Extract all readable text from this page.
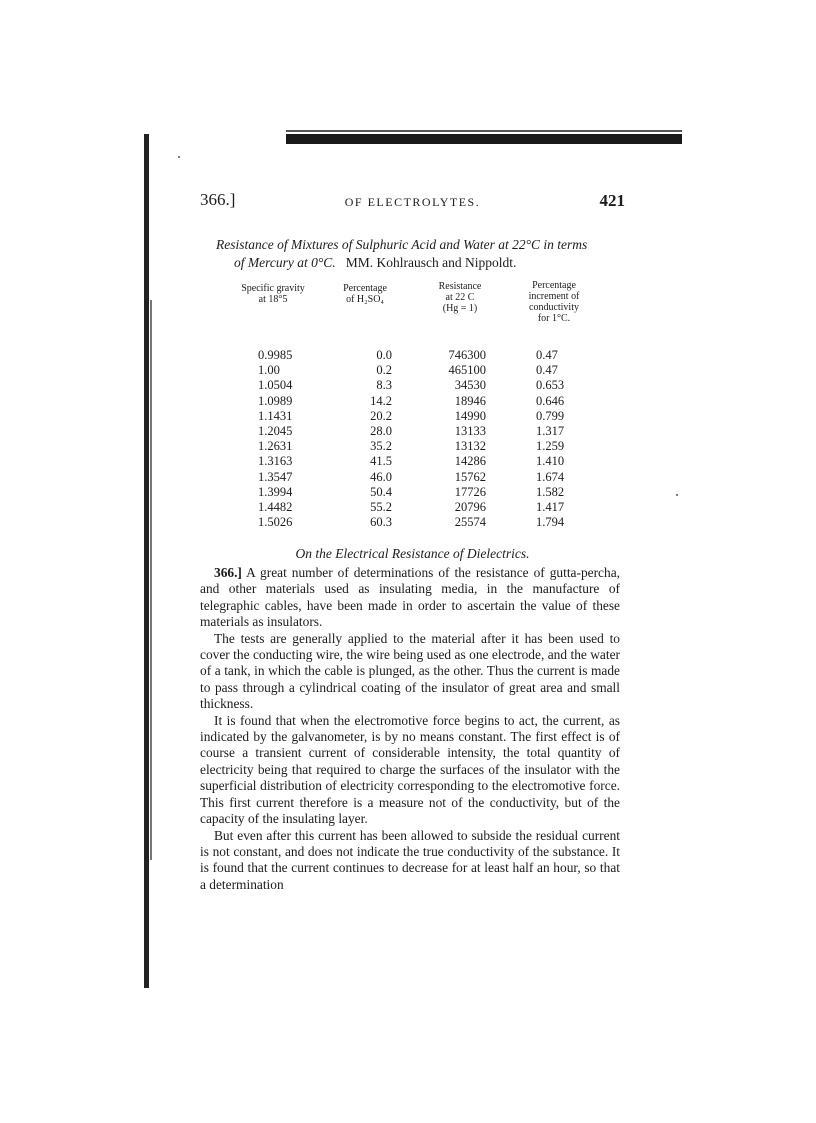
366.]	OF ELECTROLYTES.	421
Resistance of Mixtures of Sulphuric Acid and Water at 22°C in terms
of Mercury at 0°C. MM. Kohlrausch and Nippoldt.
Specific gravity
at 18°5
Percentage
of H₂SO₄
Resistance
at 22 C
(Hg = 1)
Percentage
increment of
conductivity
for 1°C.
0.9985
1.00
1.0504
1.0989
1.1431
1.2045
1.2631
1.3163
1.3547
1.3994
1.4482
1.5026
0.0
0.2
8.3
14.2
20.2
28.0
35.2
41.5
46.0
50.4
55.2
60.3
746300
465100
34530
18946
14990
13133
13132
14286
15762
17726
20796
25574
0.47
0.47
0.653
0.646
0.799
1.317
1.259
1.410
1.674
1.582
1.417
1.794
On the Electrical Resistance of Dielectrics.

366.] A great number of determinations of the resistance of gutta-percha, and other materials used as insulating media, in the manufacture of telegraphic cables, have been made in order to ascertain the value of these materials as insulators.

The tests are generally applied to the material after it has been used to cover the conducting wire, the wire being used as one electrode, and the water of a tank, in which the cable is plunged, as the other. Thus the current is made to pass through a cylindrical coating of the insulator of great area and small thickness.

It is found that when the electromotive force begins to act, the current, as indicated by the galvanometer, is by no means constant. The first effect is of course a transient current of considerable intensity, the total quantity of electricity being that required to charge the surfaces of the insulator with the superficial distribution of electricity corresponding to the electromotive force. This first current therefore is a measure not of the conductivity, but of the capacity of the insulating layer.

But even after this current has been allowed to subside the residual current is not constant, and does not indicate the true conductivity of the substance. It is found that the current continues to decrease for at least half an hour, so that a determination
